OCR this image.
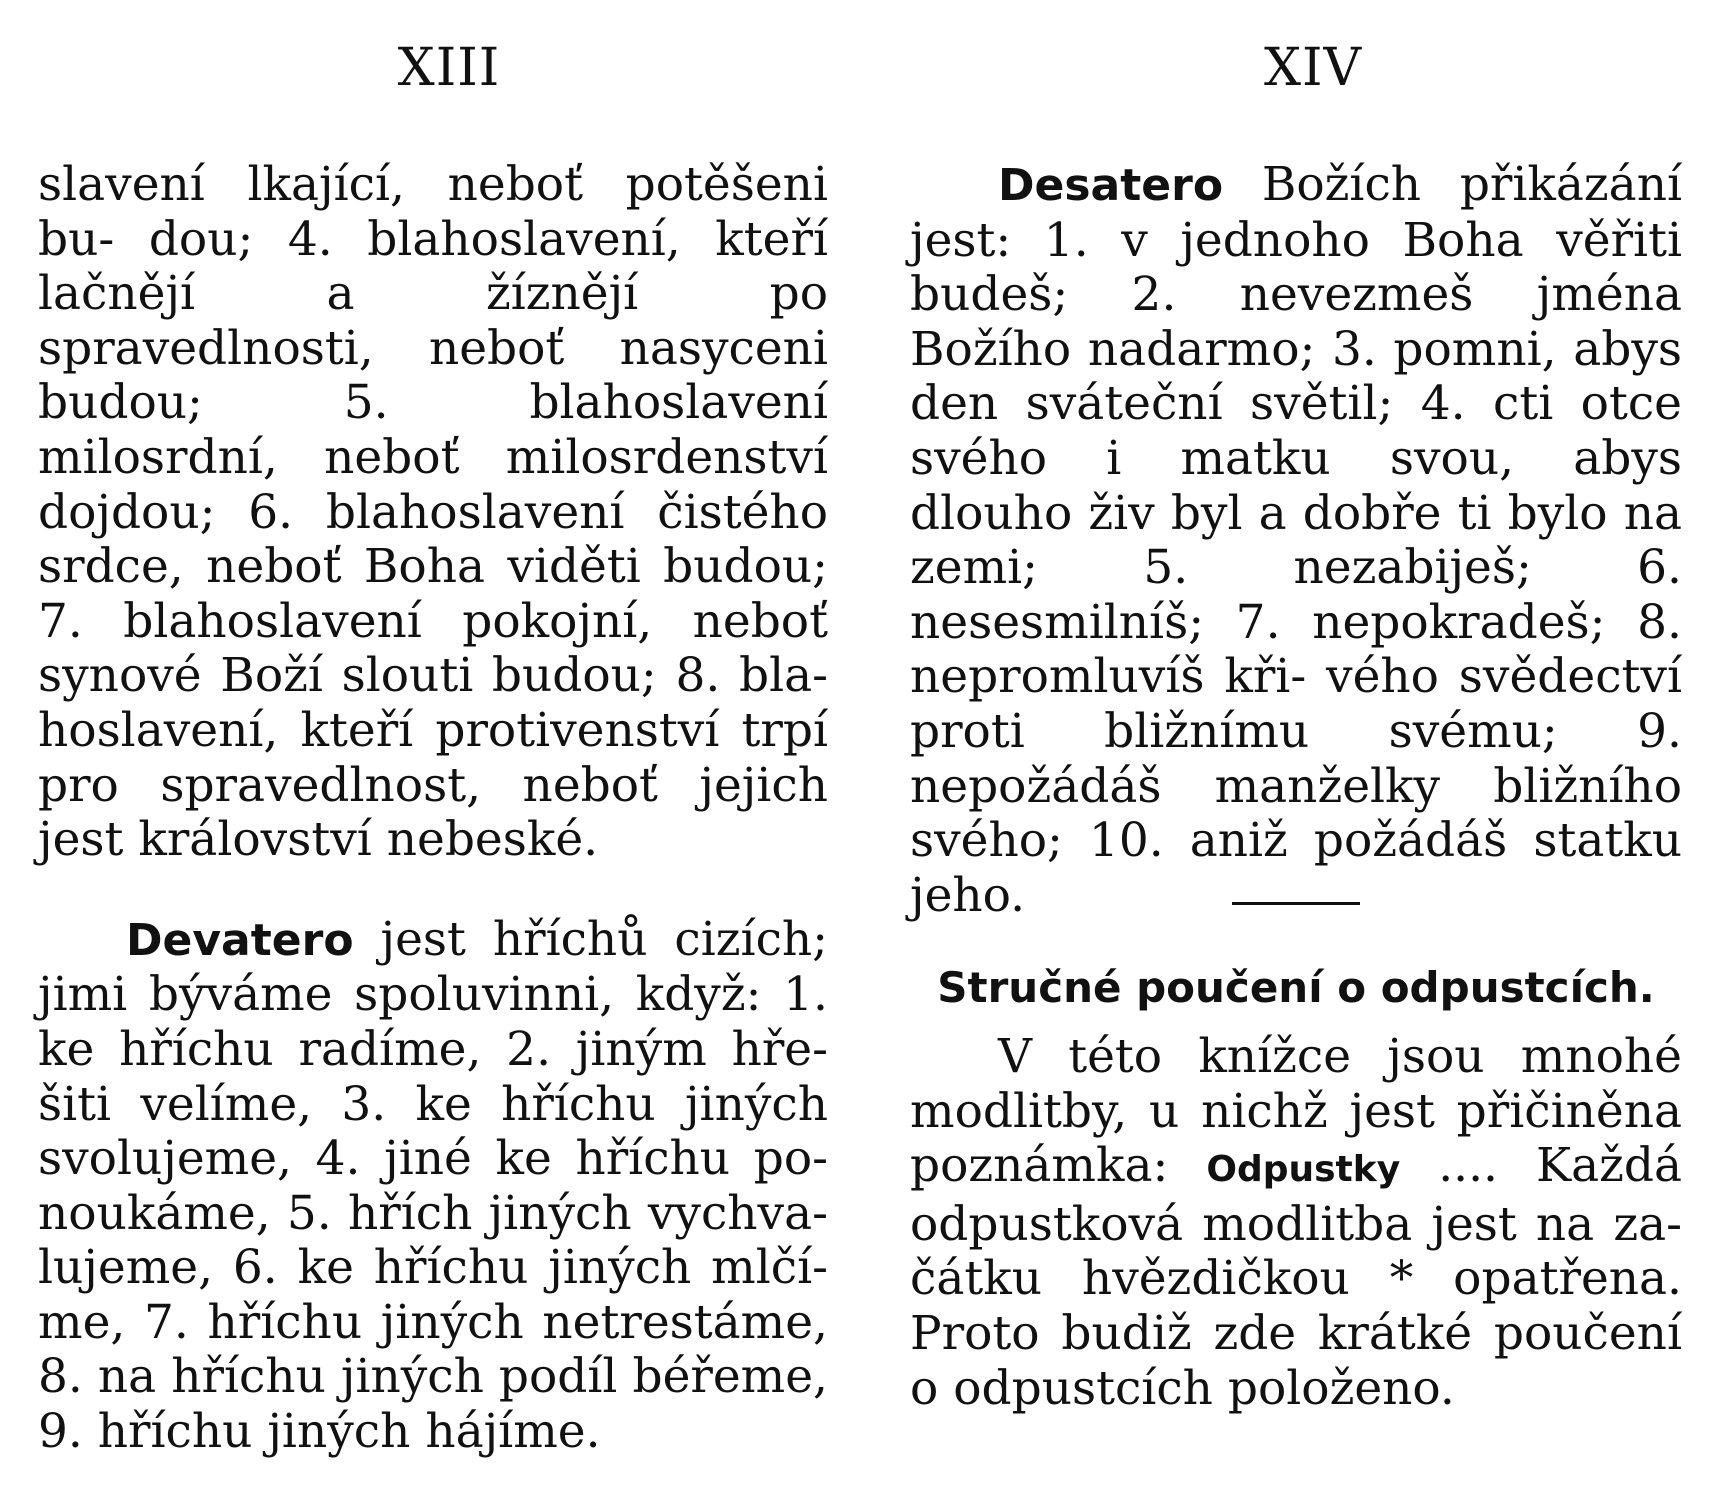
XIII

slavení lkající, neboť potěšeni bu- dou; 4. blahoslavení, kteří lačnějí	a žíznějí po spravedlnosti, neboť nasyceni budou; 5. blahoslavení milosrdní, neboť milosrdenství dojdou; 6. blahoslavení čistého srdce, neboť Boha viděti budou; 7. blahoslavení pokojní, neboť synové Boží slouti budou; 8. bla- hoslavení, kteří protivenství trpí pro spravedlnost, neboť jejich jest království nebeské.

Devatero jest hříchů cizích; jimi býváme spoluvinni, když: 1. ke hříchu radíme, 2. jiným hře- šiti velíme, 3. ke hříchu jiných svolujeme, 4. jiné ke hříchu po- noukáme, 5. hřích jiných vychva- lujeme, 6. ke hříchu jiných mlčí- me, 7. hříchu jiných netrestáme, 8. na hříchu jiných podíl béřeme, 9. hříchu jiných hájíme.

XIV

Desatero Božích přikázání jest: 1. v jednoho Boha věřiti budeš; 2. nevezmeš jména Božího nadarmo; 3. pomni, abys den sváteční světil; 4. cti otce svého i matku svou, abys dlouho živ byl a dobře ti bylo na zemi; 5. nezabiješ; 6. nesesmilníš; 7. nepokradeš; 8. nepromluvíš kři- vého svědectví proti bližnímu svému; 9. nepožádáš manželky bližního svého; 10. aniž požádáš statku jeho.

Stručné poučení o odpustcích.

V této knížce jsou mnohé modlitby, u nichž jest přičiněna poznámka: Odpustky .... Každá odpustková modlitba jest na za- čátku hvězdičkou * opatřena. Proto budiž zde krátké poučení o odpustcích položeno.
